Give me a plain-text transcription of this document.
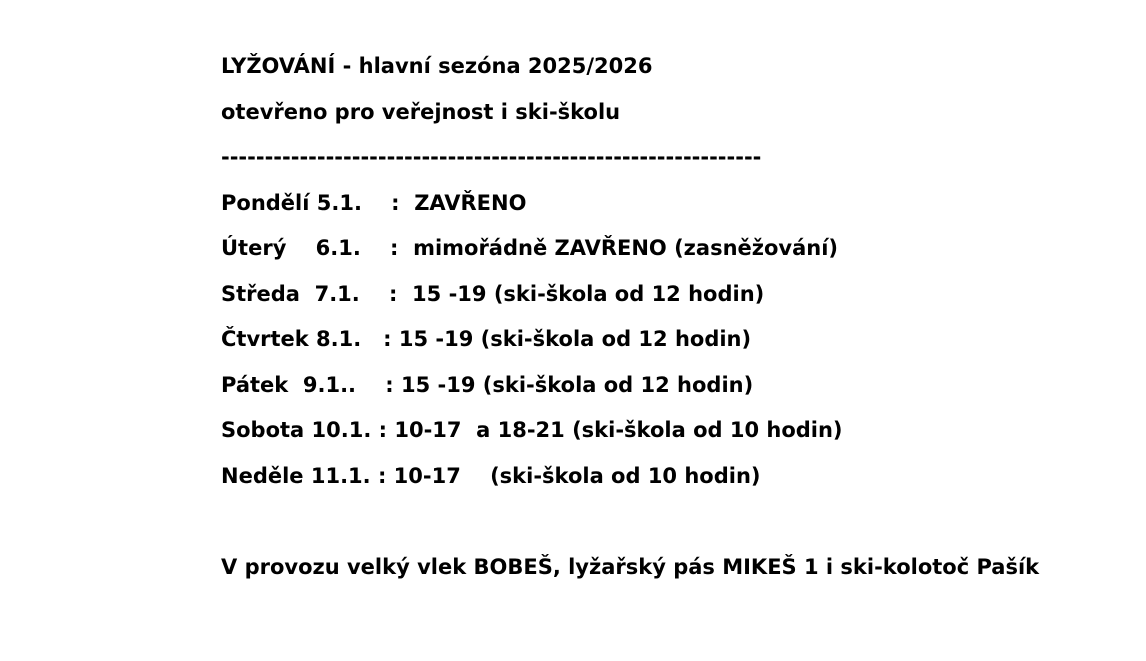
LYŽOVÁNÍ - hlavní sezóna 2025/2026
otevřeno pro veřejnost i ski-školu
--------------------------------------------------------------
Pondělí 5.1.    :  ZAVŘENO
Úterý    6.1.    :  mimořádně ZAVŘENO (zasněžování)
Středa  7.1.    :  15 -19 (ski-škola od 12 hodin)
Čtvrtek 8.1.   : 15 -19 (ski-škola od 12 hodin)
Pátek  9.1..    : 15 -19 (ski-škola od 12 hodin)
Sobota 10.1. : 10-17  a 18-21 (ski-škola od 10 hodin)
Neděle 11.1. : 10-17    (ski-škola od 10 hodin)
V provozu velký vlek BOBEŠ, lyžařský pás MIKEŠ 1 i ski-kolotoč Pašík
